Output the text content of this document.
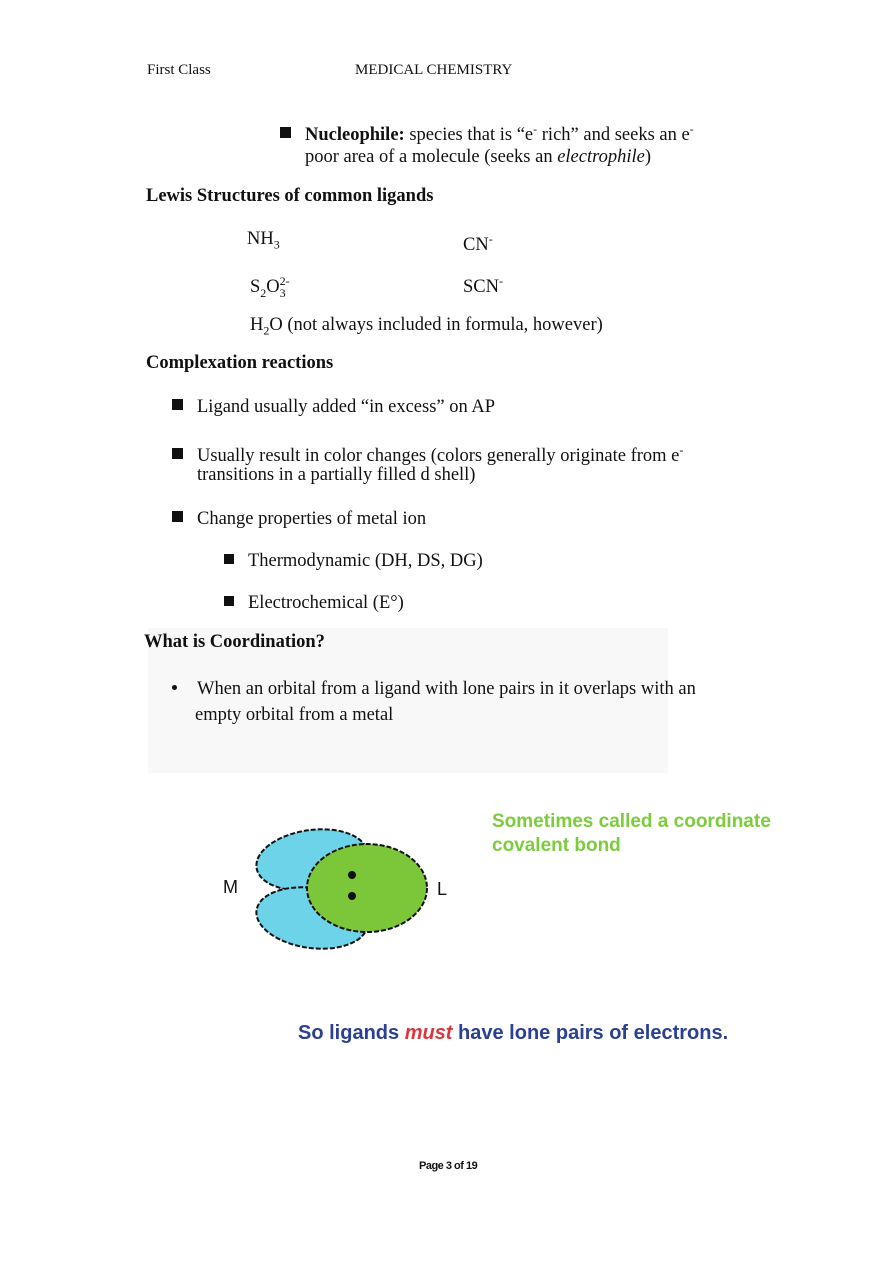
First Class	MEDICAL CHEMISTRY
Nucleophile: species that is “e- rich” and seeks an e-
poor area of a molecule (seeks an electrophile)
Lewis Structures of common ligands
$NH_3$	CN-
$S_2O_3^{2-}$	SCN-
$H_2O$ (not always included in formula, however)
Complexation reactions
Ligand usually added “in excess” on AP
Usually result in color changes (colors generally originate from e-
transitions in a partially filled d shell)
Change properties of metal ion
Thermodynamic (DH, DS, DG)
Electrochemical (E°)
What is Coordination?
When an orbital from a ligand with lone pairs in it overlaps with an
empty orbital from a metal
M	L
Sometimes called a coordinate
covalent bond
So ligands must have lone pairs of electrons.
Page 3 of 19
